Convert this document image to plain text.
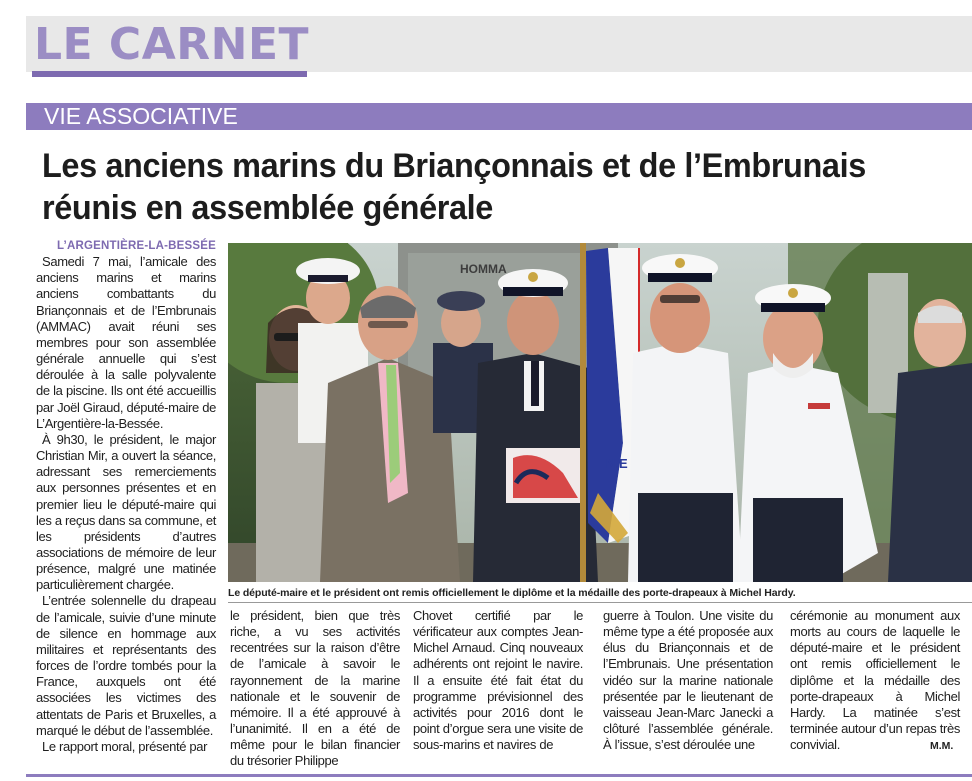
LE CARNET
VIE ASSOCIATIVE
Les anciens marins du Briançonnais et de l’Embrunais
réunis en assemblée générale
L’ARGENTIÈRE-LA-BESSÉE

Samedi 7 mai, l’amicale des anciens marins et marins anciens combattants du Briançonnais et de l’Embrunais (AMMAC) avait réuni ses membres pour son assemblée générale annuelle qui s’est déroulée à la salle polyvalente de la piscine. Ils ont été accueillis par Joël Giraud, député-maire de L’Argentière-la-Bessée.

À 9h30, le président, le major Christian Mir, a ouvert la séance, adressant ses remerciements aux personnes présentes et en premier lieu le député-maire qui les a reçus dans sa commune, et les présidents d’autres associations de mémoire de leur présence, malgré une matinée particulièrement chargée.

L’entrée solennelle du drapeau de l’amicale, suivie d’une minute de silence en hommage aux militaires et représentants des forces de l’ordre tombés pour la France, auxquels ont été associées les victimes des attentats de Paris et Bruxelles, a marqué le début de l’assemblée.

Le rapport moral, présenté par

HOMMA
N.E
Le député-maire et le président ont remis officiellement le diplôme et la médaille des porte-drapeaux à Michel Hardy.
le président, bien que très riche, a vu ses activités recentrées sur la raison d’être de l’amicale à savoir le rayonnement de la marine nationale et le souvenir de mémoire. Il a été approuvé à l’unanimité. Il en a été de même pour le bilan financier du trésorier Philippe
Chovet certifié par le vérificateur aux comptes Jean-Michel Arnaud. Cinq nouveaux adhérents ont rejoint le navire. Il a ensuite été fait état du programme prévisionnel des activités pour 2016 dont le point d’orgue sera une visite de sous-marins et navires de
guerre à Toulon. Une visite du même type a été proposée aux élus du Briançonnais et de l’Embrunais. Une présentation vidéo sur la marine nationale présentée par le lieutenant de vaisseau Jean-Marc Janecki a clôturé l’assemblée générale. À l’issue, s’est déroulée une
cérémonie au monument aux morts au cours de laquelle le député-maire et le président ont remis officiellement le diplôme et la médaille des porte-drapeaux à Michel Hardy. La matinée s’est terminée autour d’un repas très convivial.	M.M.
